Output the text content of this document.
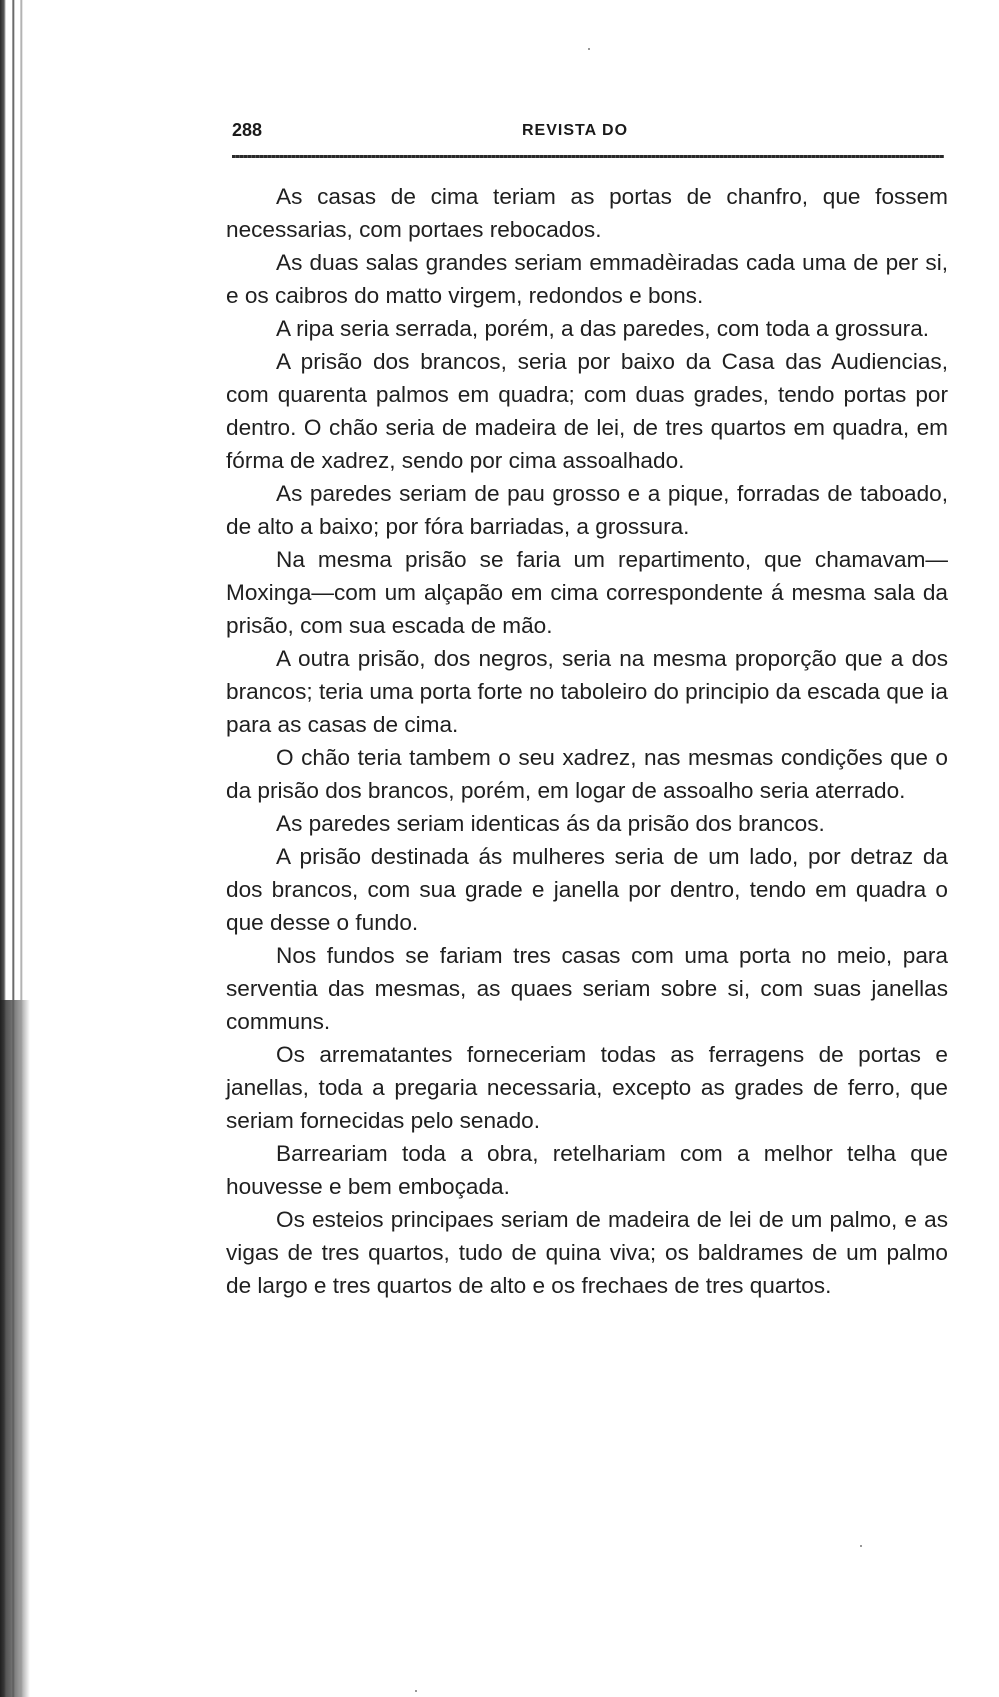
288	REVISTA DO

As casas de cima teriam as portas de chanfro, que fossem necessarias, com portaes rebocados.

As duas salas grandes seriam emmadèiradas cada uma de per si, e os caibros do matto virgem, redondos e bons.

A ripa seria serrada, porém, a das paredes, com toda a grossura.

A prisão dos brancos, seria por baixo da Casa das Audiencias, com quarenta palmos em quadra; com duas grades, tendo portas por dentro. O chão seria de madeira de lei, de tres quartos em quadra, em fórma de xadrez, sendo por cima assoalhado.

As paredes seriam de pau grosso e a pique, forradas de taboado, de alto a baixo; por fóra barriadas, a grossura.

Na mesma prisão se faria um repartimento, que chamavam—Moxinga—com um alçapão em cima correspondente á mesma sala da prisão, com sua escada de mão.

A outra prisão, dos negros, seria na mesma proporção que a dos brancos; teria uma porta forte no taboleiro do principio da escada que ia para as casas de cima.

O chão teria tambem o seu xadrez, nas mesmas condições que o da prisão dos brancos, porém, em logar de assoalho seria aterrado.

As paredes seriam identicas ás da prisão dos brancos.

A prisão destinada ás mulheres seria de um lado, por detraz da dos brancos, com sua grade e janella por dentro, tendo em quadra o que desse o fundo.

Nos fundos se fariam tres casas com uma porta no meio, para serventia das mesmas, as quaes seriam sobre si, com suas janellas communs.

Os arrematantes forneceriam todas as ferragens de portas e janellas, toda a pregaria necessaria, excepto as grades de ferro, que seriam fornecidas pelo senado.

Barreariam toda a obra, retelhariam com a melhor telha que houvesse e bem emboçada.

Os esteios principaes seriam de madeira de lei de um palmo, e as vigas de tres quartos, tudo de quina viva; os baldrames de um palmo de largo e tres quartos de alto e os frechaes de tres quartos.
